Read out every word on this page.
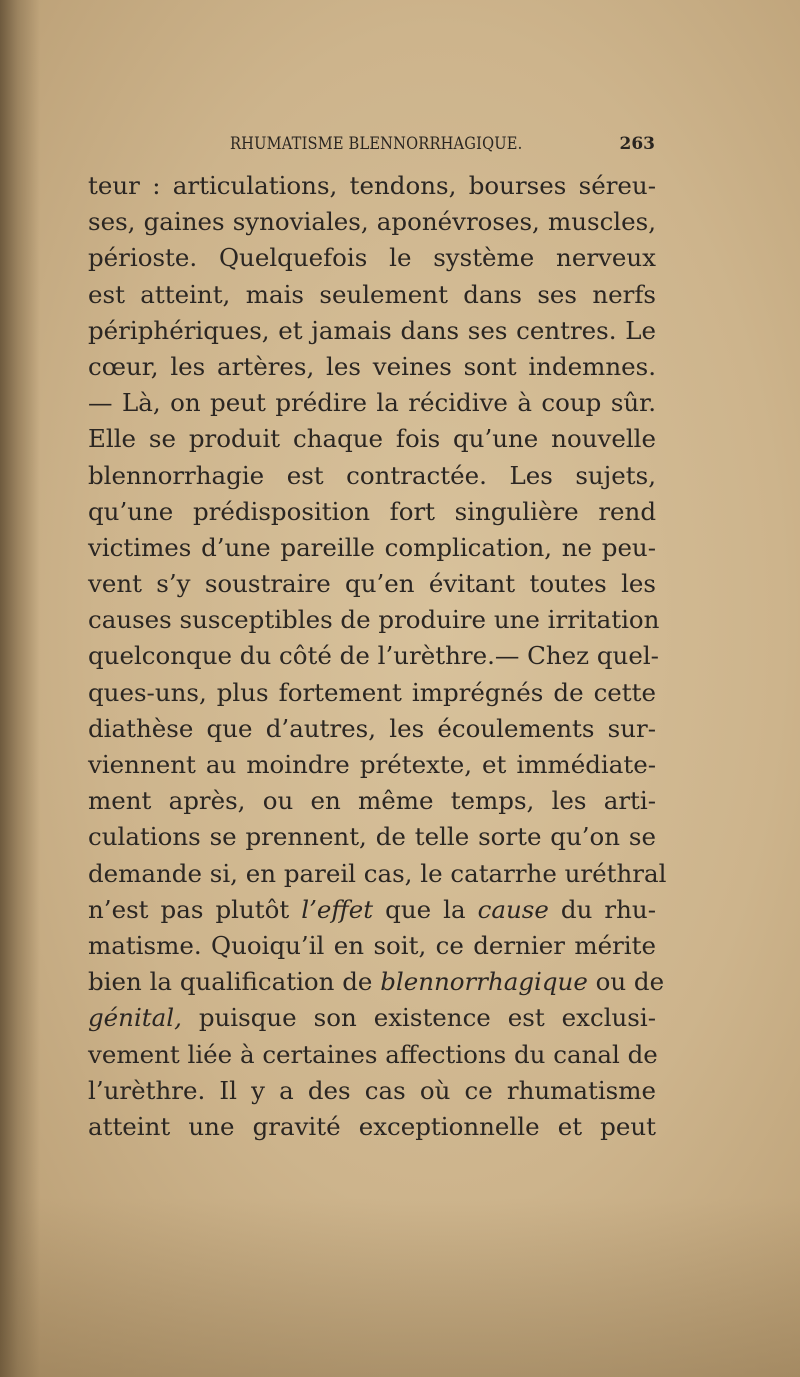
RHUMATISME BLENNORRHAGIQUE.	263
teur : articulations, tendons, bourses séreu-
ses, gaines synoviales, aponévroses, muscles,
périoste. Quelquefois le système nerveux
est atteint, mais seulement dans ses nerfs
périphériques, et jamais dans ses centres. Le
cœur, les artères, les veines sont indemnes.
— Là, on peut prédire la récidive à coup sûr.
Elle se produit chaque fois qu’une nouvelle
blennorrhagie est contractée. Les sujets,
qu’une prédisposition fort singulière rend
victimes d’une pareille complication, ne peu-
vent s’y soustraire qu’en évitant toutes les
causes susceptibles de produire une irritation
quelconque du côté de l’urèthre.— Chez quel-
ques-uns, plus fortement imprégnés de cette
diathèse que d’autres, les écoulements sur-
viennent au moindre prétexte, et immédiate-
ment après, ou en même temps, les arti-
culations se prennent, de telle sorte qu’on se
demande si, en pareil cas, le catarrhe uréthral
n’est pas plutôt l’effet que la cause du rhu-
matisme. Quoiqu’il en soit, ce dernier mérite
bien la qualification de blennorrhagique ou de
génital, puisque son existence est exclusi-
vement liée à certaines affections du canal de
l’urèthre. Il y a des cas où ce rhumatisme
atteint une gravité exceptionnelle et peut
